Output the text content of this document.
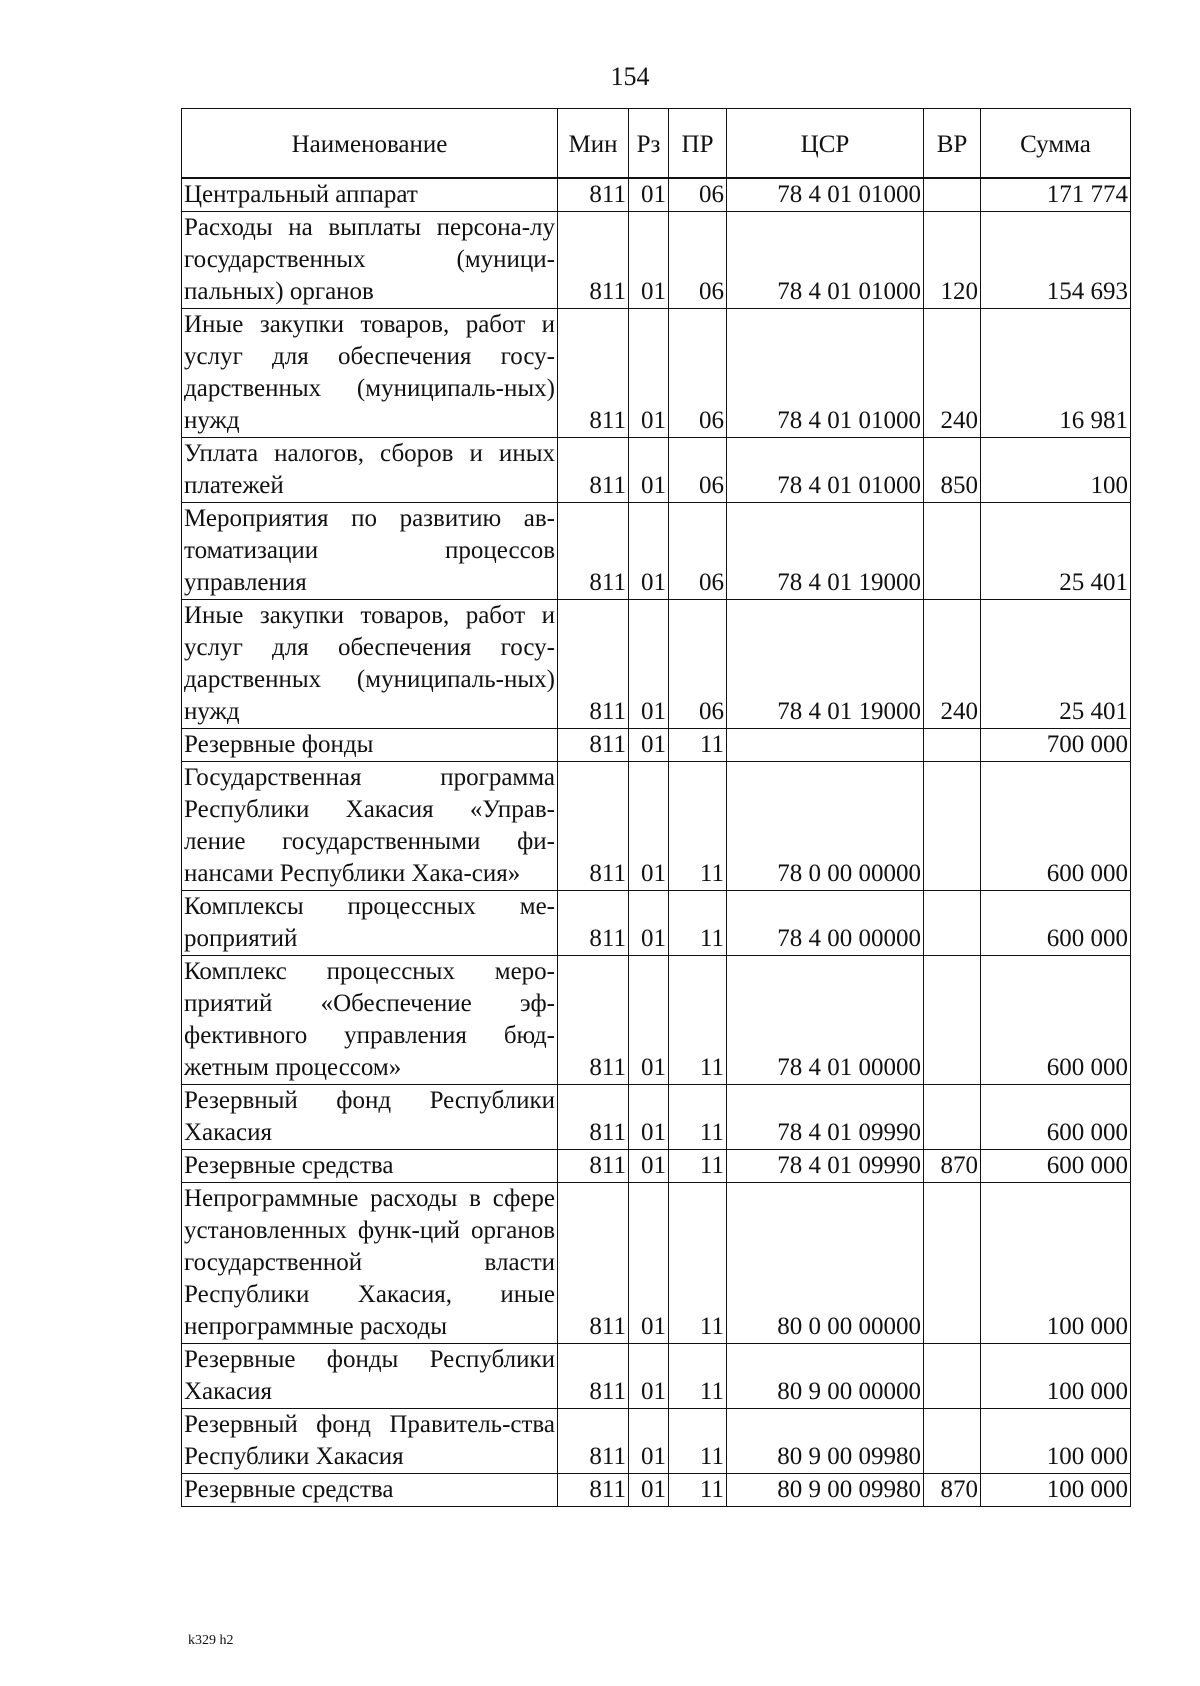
154
Наименование	Мин	Рз	ПР	ЦСР	ВР	Сумма
Центральный аппарат	811	01	06	78 4 01 01000		171 774
Расходы на выплаты персона-лу государственных (муници-пальных) органов	811	01	06	78 4 01 01000	120	154 693
Иные закупки товаров, работ и услуг для обеспечения госу-дарственных (муниципаль-ных) нужд	811	01	06	78 4 01 01000	240	16 981
Уплата налогов, сборов и иных платежей	811	01	06	78 4 01 01000	850	100
Мероприятия по развитию ав-томатизации процессов управления	811	01	06	78 4 01 19000		25 401
Иные закупки товаров, работ и услуг для обеспечения госу-дарственных (муниципаль-ных) нужд	811	01	06	78 4 01 19000	240	25 401
Резервные фонды	811	01	11			700 000
Государственная программа Республики Хакасия «Управ-ление государственными фи-нансами Республики Хака-сия»	811	01	11	78 0 00 00000		600 000
Комплексы процессных ме-роприятий	811	01	11	78 4 00 00000		600 000
Комплекс процессных меро-приятий «Обеспечение эф-фективного управления бюд-жетным процессом»	811	01	11	78 4 01 00000		600 000
Резервный фонд Республики Хакасия	811	01	11	78 4 01 09990		600 000
Резервные средства	811	01	11	78 4 01 09990	870	600 000
Непрограммные расходы в сфере установленных функ-ций органов государственной власти Республики Хакасия, иные непрограммные расходы	811	01	11	80 0 00 00000		100 000
Резервные фонды Республики Хакасия	811	01	11	80 9 00 00000		100 000
Резервный фонд Правитель-ства Республики Хакасия	811	01	11	80 9 00 09980		100 000
Резервные средства	811	01	11	80 9 00 09980	870	100 000
k329 h2
